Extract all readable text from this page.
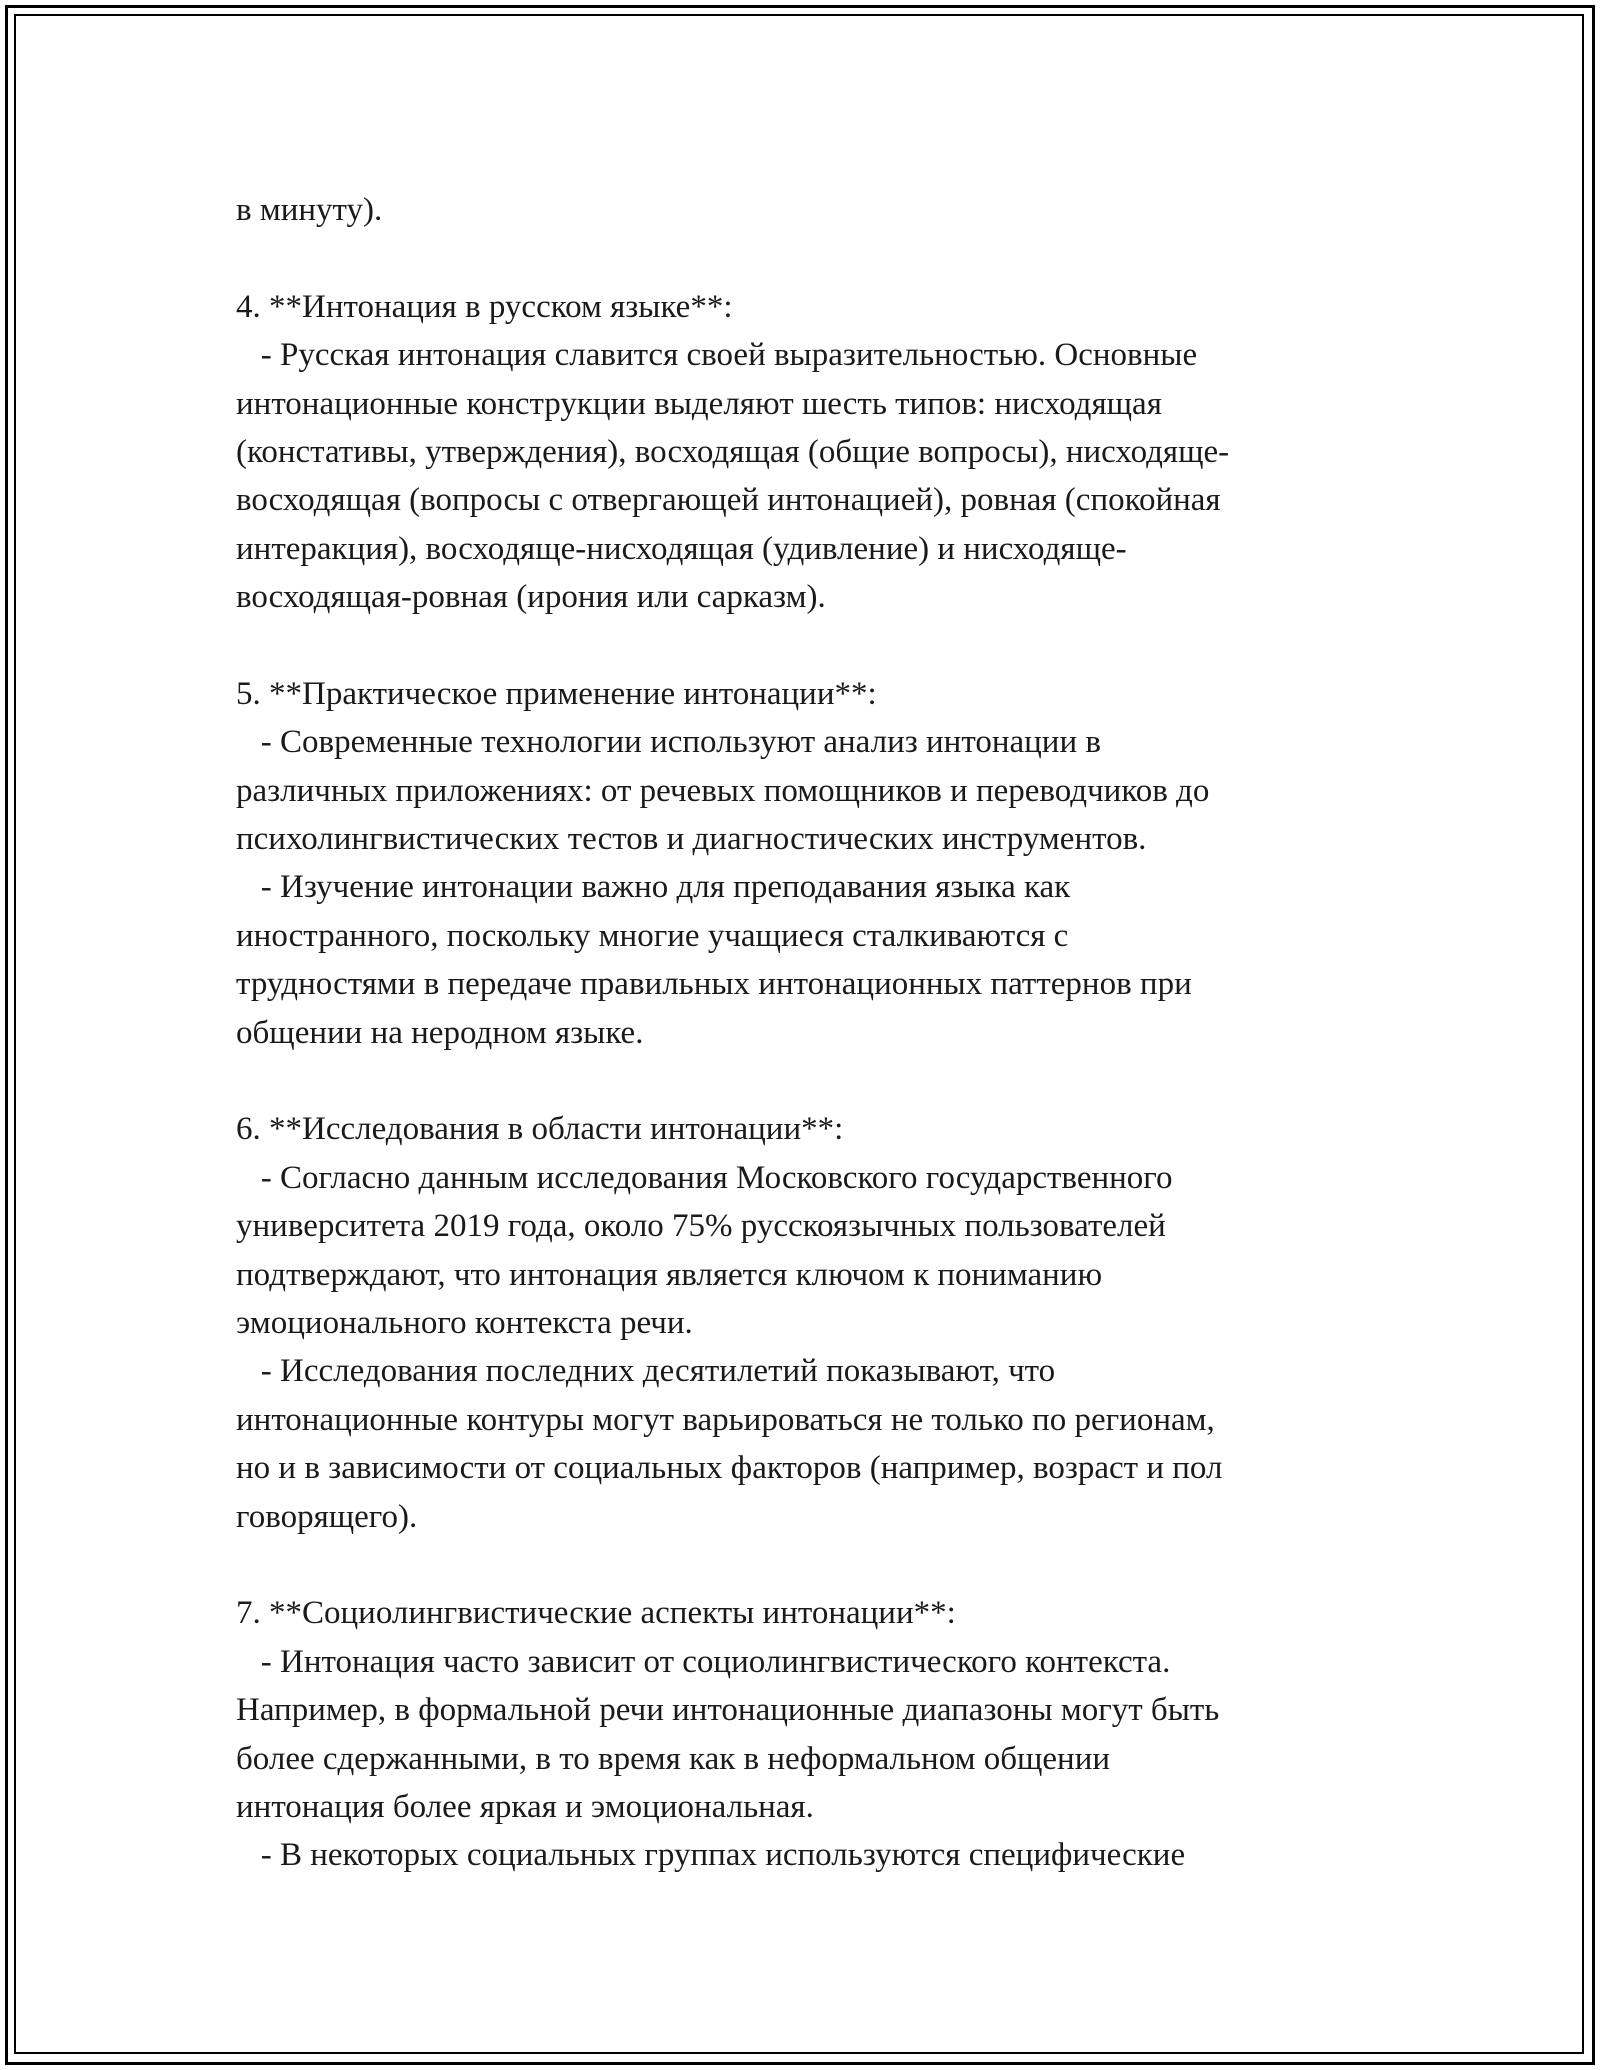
в минуту).
4. **Интонация в русском языке**:
- Русская интонация славится своей выразительностью. Основные
интонационные конструкции выделяют шесть типов: нисходящая
(констативы, утверждения), восходящая (общие вопросы), нисходяще-
восходящая (вопросы с отвергающей интонацией), ровная (спокойная
интеракция), восходяще-нисходящая (удивление) и нисходяще-
восходящая-ровная (ирония или сарказм).
5. **Практическое применение интонации**:
- Современные технологии используют анализ интонации в
различных приложениях: от речевых помощников и переводчиков до
психолингвистических тестов и диагностических инструментов.
- Изучение интонации важно для преподавания языка как
иностранного, поскольку многие учащиеся сталкиваются с
трудностями в передаче правильных интонационных паттернов при
общении на неродном языке.
6. **Исследования в области интонации**:
- Согласно данным исследования Московского государственного
университета 2019 года, около 75% русскоязычных пользователей
подтверждают, что интонация является ключом к пониманию
эмоционального контекста речи.
- Исследования последних десятилетий показывают, что
интонационные контуры могут варьироваться не только по регионам,
но и в зависимости от социальных факторов (например, возраст и пол
говорящего).
7. **Социолингвистические аспекты интонации**:
- Интонация часто зависит от социолингвистического контекста.
Например, в формальной речи интонационные диапазоны могут быть
более сдержанными, в то время как в неформальном общении
интонация более яркая и эмоциональная.
- В некоторых социальных группах используются специфические
